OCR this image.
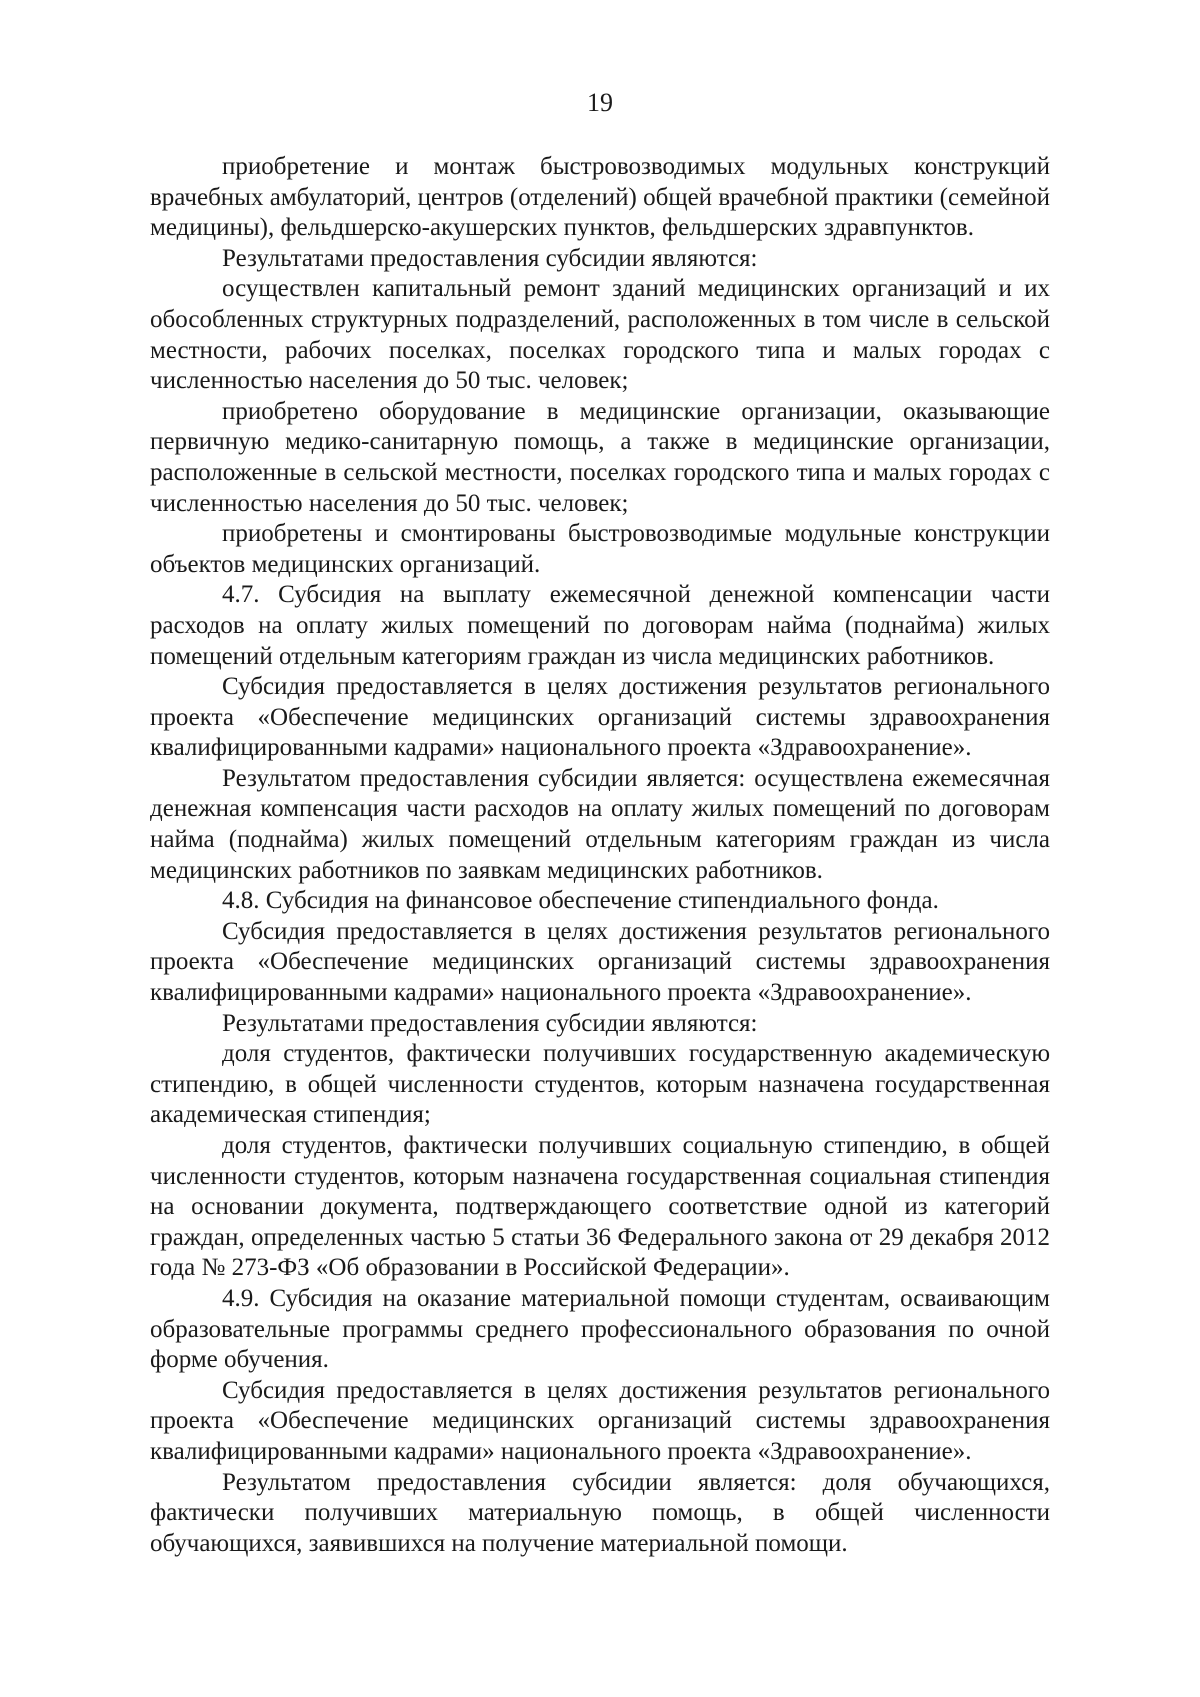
19

приобретение и монтаж быстровозводимых модульных конструкций врачебных амбулаторий, центров (отделений) общей врачебной практики (семейной медицины), фельдшерско-акушерских пунктов, фельдшерских здравпунктов.

Результатами предоставления субсидии являются:

осуществлен капитальный ремонт зданий медицинских организаций и их обособленных структурных подразделений, расположенных в том числе в сельской местности, рабочих поселках, поселках городского типа и малых городах с численностью населения до 50 тыс. человек;

приобретено оборудование в медицинские организации, оказывающие первичную медико-санитарную помощь, а также в медицинские организации, расположенные в сельской местности, поселках городского типа и малых городах с численностью населения до 50 тыс. человек;

приобретены и смонтированы быстровозводимые модульные конструкции объектов медицинских организаций.

4.7. Субсидия на выплату ежемесячной денежной компенсации части расходов на оплату жилых помещений по договорам найма (поднайма) жилых помещений отдельным категориям граждан из числа медицинских работников.

Субсидия предоставляется в целях достижения результатов регионального проекта «Обеспечение медицинских организаций системы здравоохранения квалифицированными кадрами» национального проекта «Здравоохранение».

Результатом предоставления субсидии является: осуществлена ежемесячная денежная компенсация части расходов на оплату жилых помещений по договорам найма (поднайма) жилых помещений отдельным категориям граждан из числа медицинских работников по заявкам медицинских работников.

4.8. Субсидия на финансовое обеспечение стипендиального фонда.

Субсидия предоставляется в целях достижения результатов регионального проекта «Обеспечение медицинских организаций системы здравоохранения квалифицированными кадрами» национального проекта «Здравоохранение».

Результатами предоставления субсидии являются:

доля студентов, фактически получивших государственную академическую стипендию, в общей численности студентов, которым назначена государственная академическая стипендия;

доля студентов, фактически получивших социальную стипендию, в общей численности студентов, которым назначена государственная социальная стипендия на основании документа, подтверждающего соответствие одной из категорий граждан, определенных частью 5 статьи 36 Федерального закона от 29 декабря 2012 года № 273-ФЗ «Об образовании в Российской Федерации».

4.9. Субсидия на оказание материальной помощи студентам, осваивающим образовательные программы среднего профессионального образования по очной форме обучения.

Субсидия предоставляется в целях достижения результатов регионального проекта «Обеспечение медицинских организаций системы здравоохранения квалифицированными кадрами» национального проекта «Здравоохранение».

Результатом предоставления субсидии является: доля обучающихся, фактически получивших материальную помощь, в общей численности обучающихся, заявившихся на получение материальной помощи.
